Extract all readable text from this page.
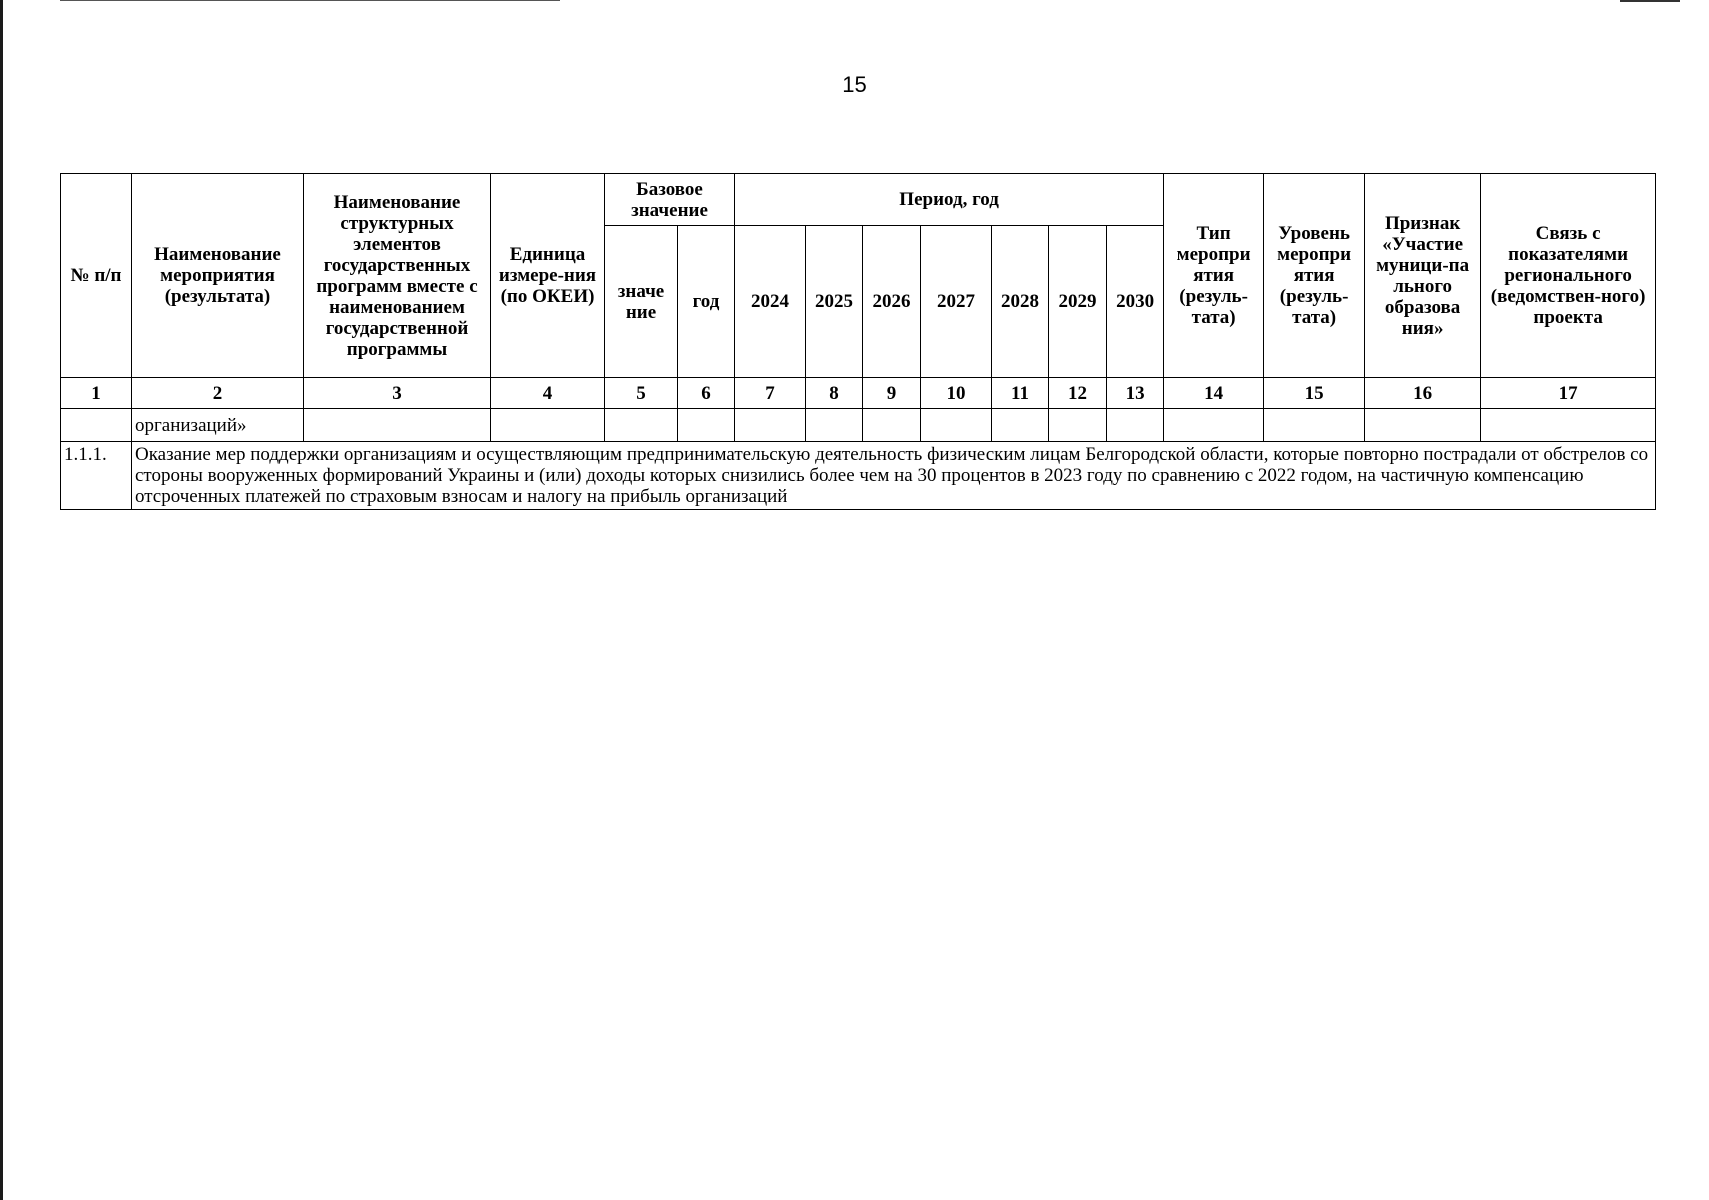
15
№ п/п	Наименование мероприятия (результата)	Наименование структурных элементов государственных программ вместе с наименованием государственной программы	Единица измере-ния (по ОКЕИ)	Базовое значение		Период, год							Тип меропри ятия (резуль-тата)	Уровень меропри ятия (резуль-тата)	Признак «Участие муници-па льного образова ния»	Связь с показателями регионального (ведомствен-ного) проекта
				значе ние	год	2024	2025	2026	2027	2028	2029	2030				
1	2	3	4	5	6	7	8	9	10	11	12	13	14	15	16	17
	организаций»															
1.1.1.	Оказание мер поддержки организациям и осуществляющим предпринимательскую деятельность физическим лицам Белгородской области, которые повторно пострадали от обстрелов со стороны вооруженных формирований Украины и (или) доходы которых снизились более чем на 30 процентов в 2023 году по сравнению с 2022 годом, на частичную компенсацию отсроченных платежей по страховым взносам и налогу на прибыль организаций															
